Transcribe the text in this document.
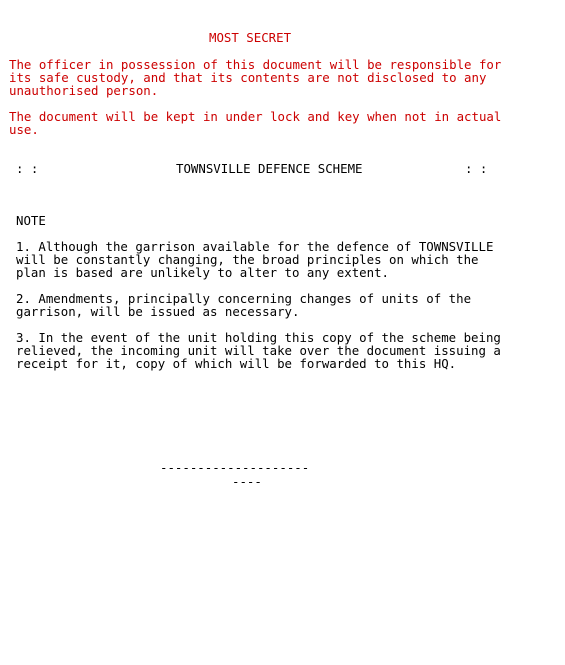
MOST SECRET
The officer in possession of this document will be responsible for
its safe custody, and that its contents are not disclosed to any
unauthorised person.
The document will be kept in under lock and key when not in actual
use.
: :	TOWNSVILLE DEFENCE SCHEME	: :
NOTE
1. Although the garrison available for the defence of TOWNSVILLE
will be constantly changing, the broad principles on which the
plan is based are unlikely to alter to any extent.
2. Amendments, principally concerning changes of units of the
garrison, will be issued as necessary.
3. In the event of the unit holding this copy of the scheme being
relieved, the incoming unit will take over the document issuing a
receipt for it, copy of which will be forwarded to this HQ.
--------------------
----
